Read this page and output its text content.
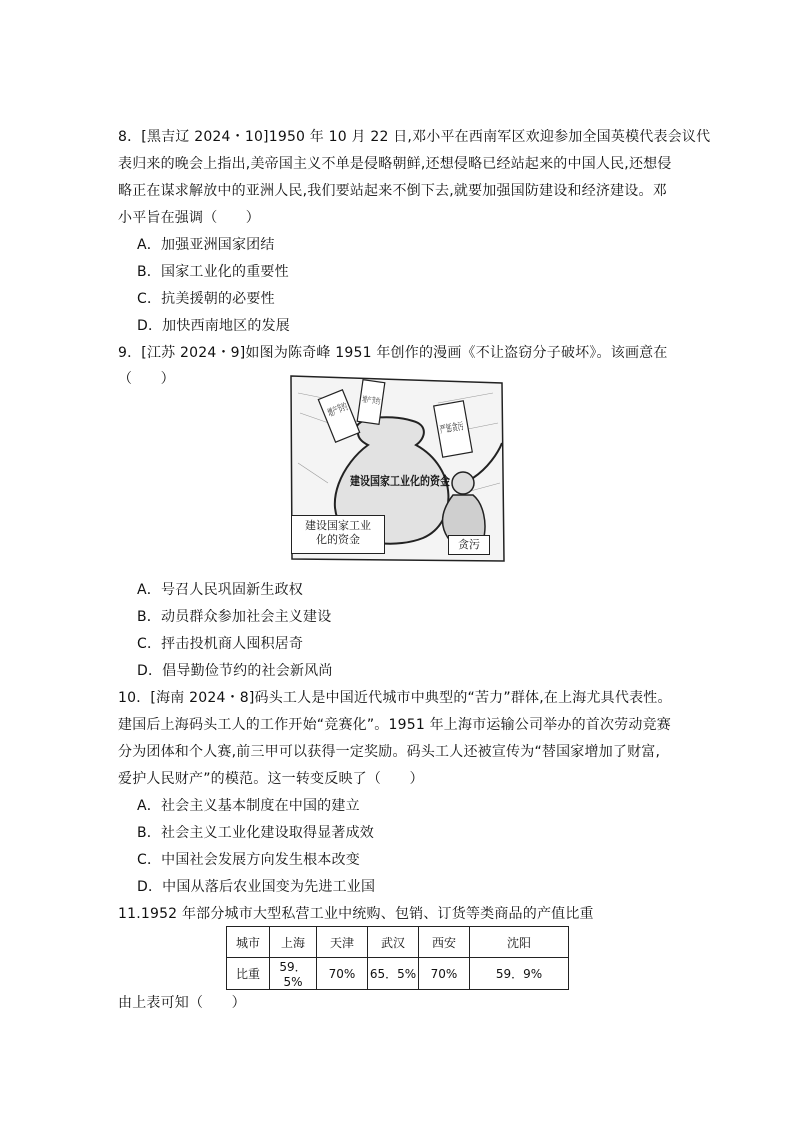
8．[黑吉辽 2024・10]1950 年 10 月 22 日,邓小平在西南军区欢迎参加全国英模代表会议代
表归来的晚会上指出,美帝国主义不单是侵略朝鲜,还想侵略已经站起来的中国人民,还想侵
略正在谋求解放中的亚洲人民,我们要站起来不倒下去,就要加强国防建设和经济建设。邓
小平旨在强调（　　）
A．加强亚洲国家团结
B．国家工业化的重要性
C．抗美援朝的必要性
D．加快西南地区的发展
9．[江苏 2024・9]如图为陈奇峰 1951 年创作的漫画《不让盗窃分子破坏》。该画意在
（　　）
建设国家工业化的资金
增产节约
增产节约
严惩贪污
建设国家工业化的资金	贪污
A．号召人民巩固新生政权
B．动员群众参加社会主义建设
C．抨击投机商人囤积居奇
D．倡导勤俭节约的社会新风尚
10．[海南 2024・8]码头工人是中国近代城市中典型的“苦力”群体,在上海尤具代表性。
建国后上海码头工人的工作开始“竞赛化”。1951 年上海市运输公司举办的首次劳动竞赛
分为团体和个人赛,前三甲可以获得一定奖励。码头工人还被宣传为“替国家增加了财富,
爱护人民财产”的模范。这一转变反映了（　　）
A．社会主义基本制度在中国的建立
B．社会主义工业化建设取得显著成效
C．中国社会发展方向发生根本改变
D．中国从落后农业国变为先进工业国
11.1952 年部分城市大型私营工业中统购、包销、订货等类商品的产值比重
城市	上海	天津	武汉	西安	沈阳
比重	59．5%	70%	65．5%	70%	59．9%
由上表可知（　　）
